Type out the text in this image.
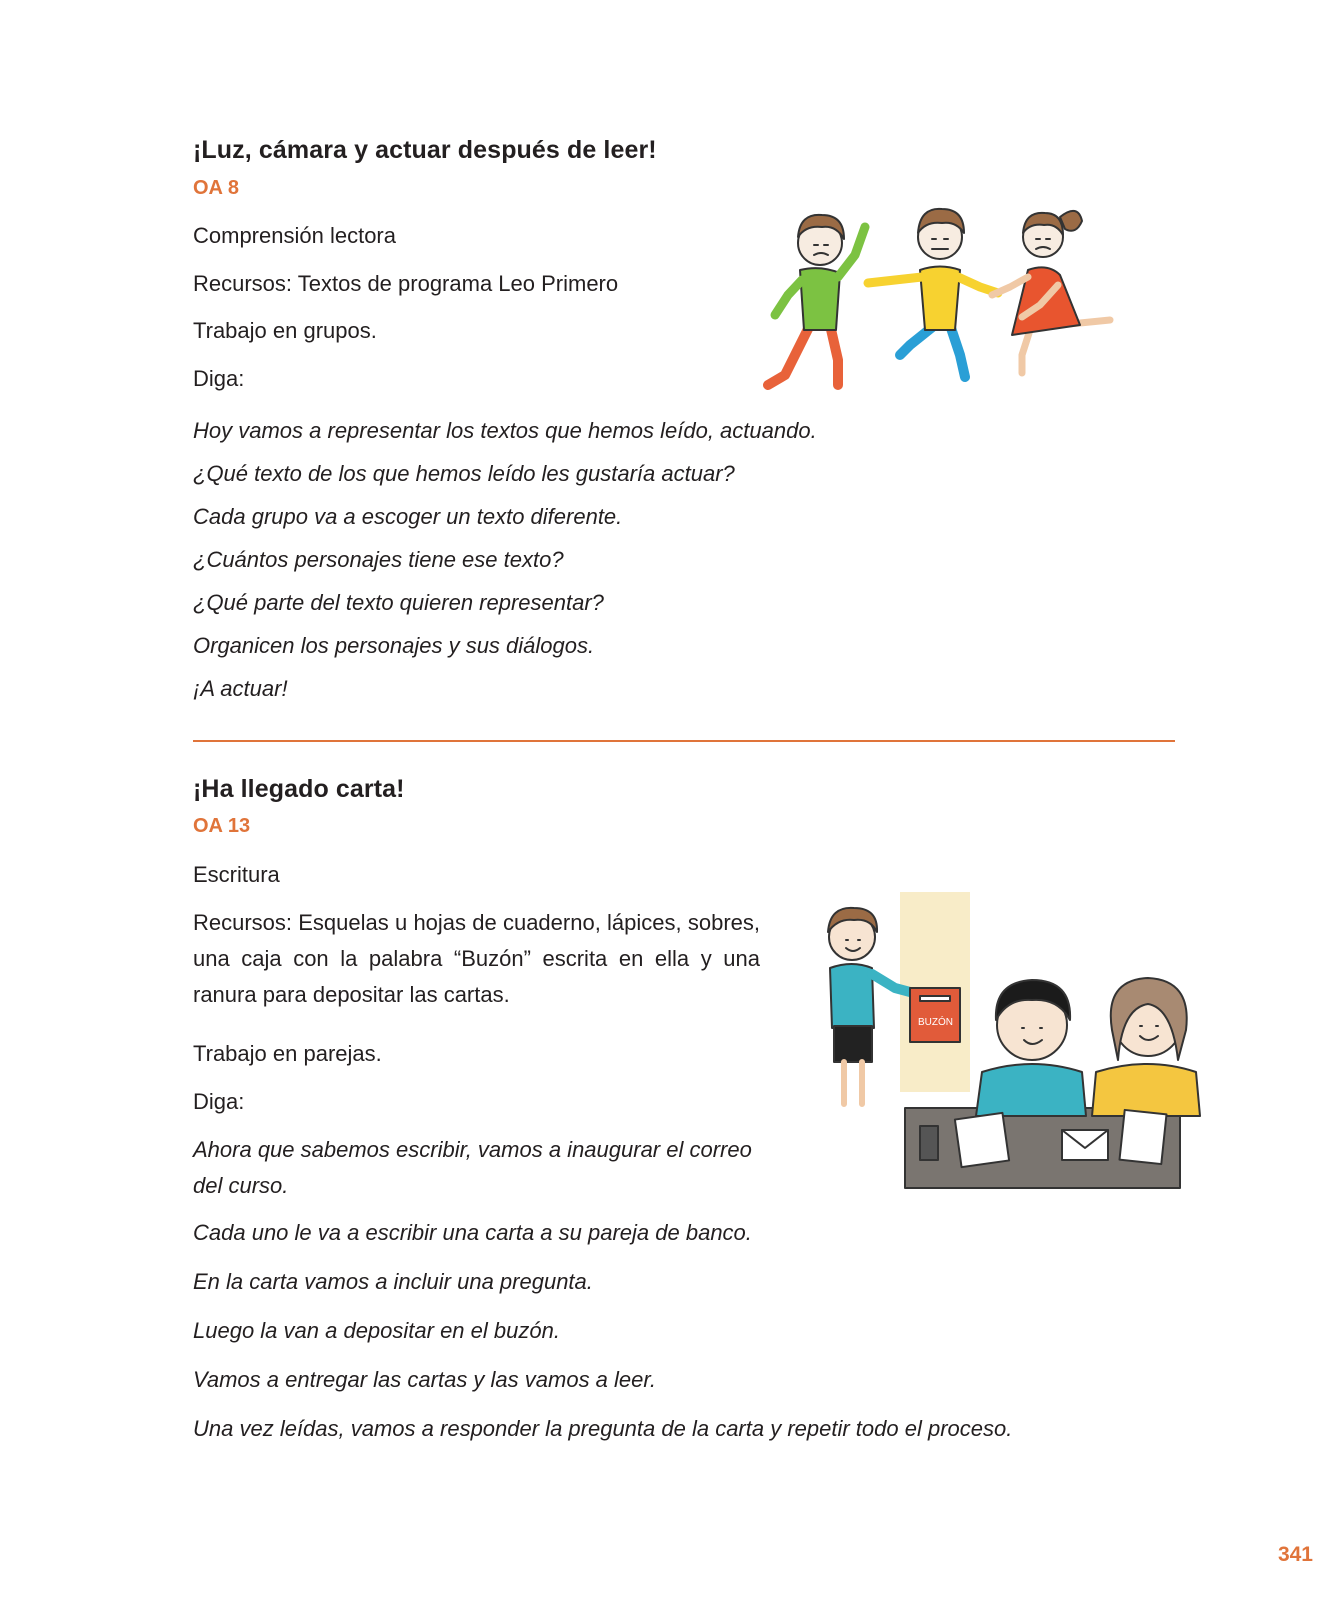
¡Luz, cámara y actuar después de leer!
OA 8
Comprensión lectora
Recursos: Textos de programa Leo Primero
Trabajo en grupos.
Diga:
Hoy vamos a representar los textos que hemos leído, actuando.
¿Qué texto de los que hemos leído les gustaría actuar?
Cada grupo va a escoger un texto diferente.
¿Cuántos personajes tiene ese texto?
¿Qué parte del texto quieren representar?
Organicen los personajes y sus diálogos.
¡A actuar!
¡Ha llegado carta!
OA 13
Escritura
Recursos: Esquelas u hojas de cuaderno, lápices, sobres, una caja con la palabra “Buzón” escrita en ella y una ranura para depositar las cartas.
Trabajo en parejas.
Diga:
Ahora que sabemos escribir, vamos a inaugurar el correo del curso.
Cada uno le va a escribir una carta a su pareja de banco.
En la carta vamos a incluir una pregunta.
Luego la van a depositar en el buzón.
Vamos a entregar las cartas y las vamos a leer.
Una vez leídas, vamos a responder la pregunta de la carta y repetir todo el proceso.
BUZÓN
341
